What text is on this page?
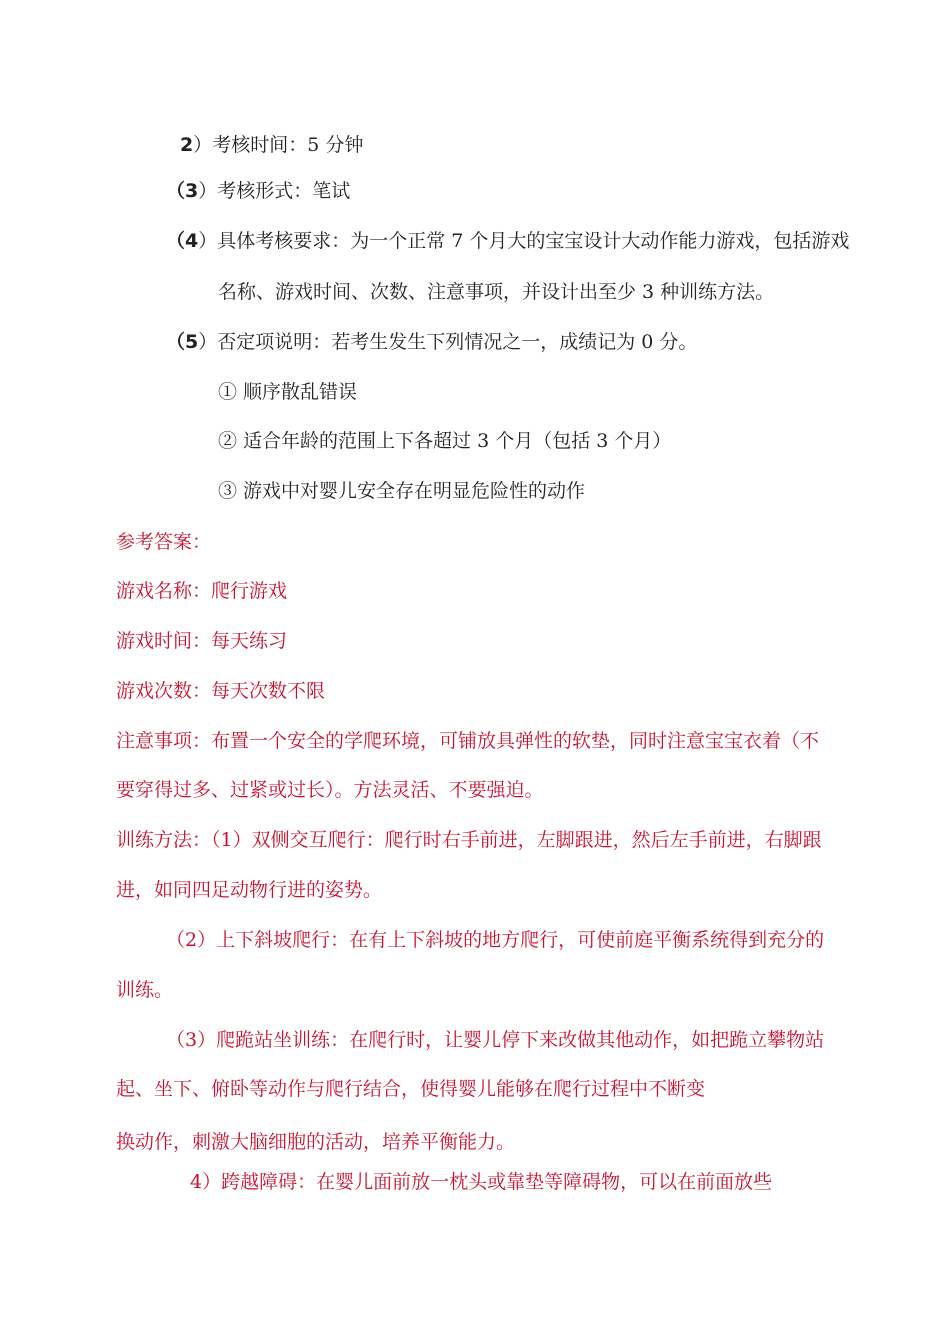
2）考核时间：5 分钟

（3）考核形式：笔试

（4）具体考核要求：为一个正常 7 个月大的宝宝设计大动作能力游戏，包括游戏

名称、游戏时间、次数、注意事项，并设计出至少 3 种训练方法。

（5）否定项说明：若考生发生下列情况之一，成绩记为 0 分。

① 顺序散乱错误

② 适合年龄的范围上下各超过 3 个月（包括 3 个月）

③ 游戏中对婴儿安全存在明显危险性的动作

参考答案：

游戏名称：爬行游戏

游戏时间：每天练习

游戏次数：每天次数不限

注意事项：布置一个安全的学爬环境，可铺放具弹性的软垫，同时注意宝宝衣着（不

要穿得过多、过紧或过长）。方法灵活、不要强迫。

训练方法：（1）双侧交互爬行：爬行时右手前进，左脚跟进，然后左手前进，右脚跟

进，如同四足动物行进的姿势。

（2）上下斜坡爬行：在有上下斜坡的地方爬行，可使前庭平衡系统得到充分的

训练。

（3）爬跪站坐训练：在爬行时，让婴儿停下来改做其他动作，如把跪立攀物站

起、坐下、俯卧等动作与爬行结合，使得婴儿能够在爬行过程中不断变

换动作，刺激大脑细胞的活动，培养平衡能力。

4）跨越障碍：在婴儿面前放一枕头或靠垫等障碍物，可以在前面放些
